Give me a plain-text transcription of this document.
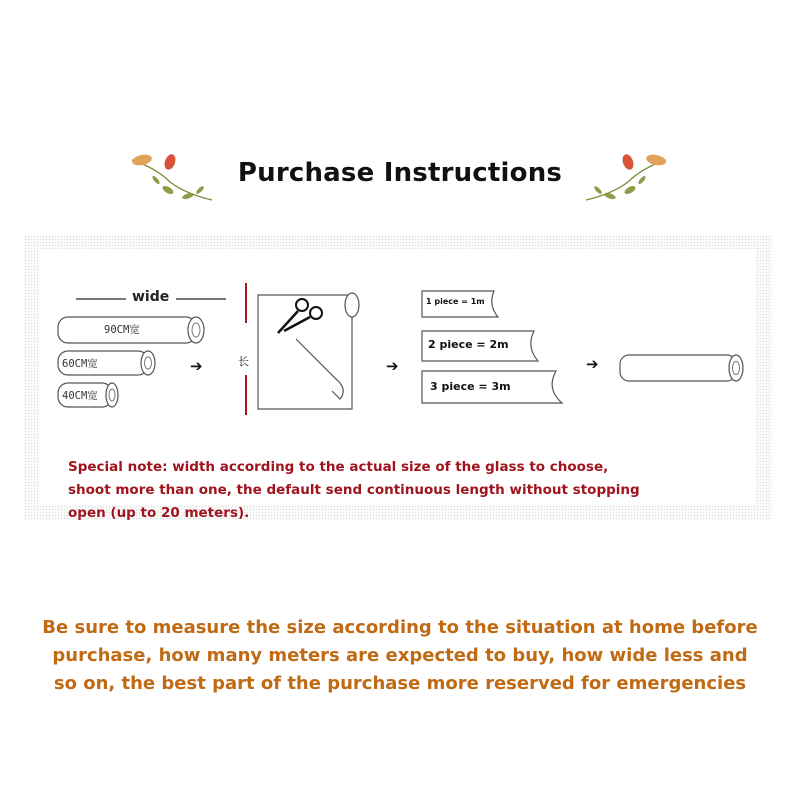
Purchase Instructions
wide
90CM宽
60CM宽
40CM宽
➔	长	➔
1 piece = 1m
2 piece = 2m
3 piece = 3m
➔
Special note: width according to the actual size of the glass to choose,
shoot more than one, the default send continuous length without stopping
open (up to 20 meters).
Be sure to measure the size according to the situation at home before
purchase, how many meters are expected to buy, how wide less and
so on, the best part of the purchase more reserved for emergencies
